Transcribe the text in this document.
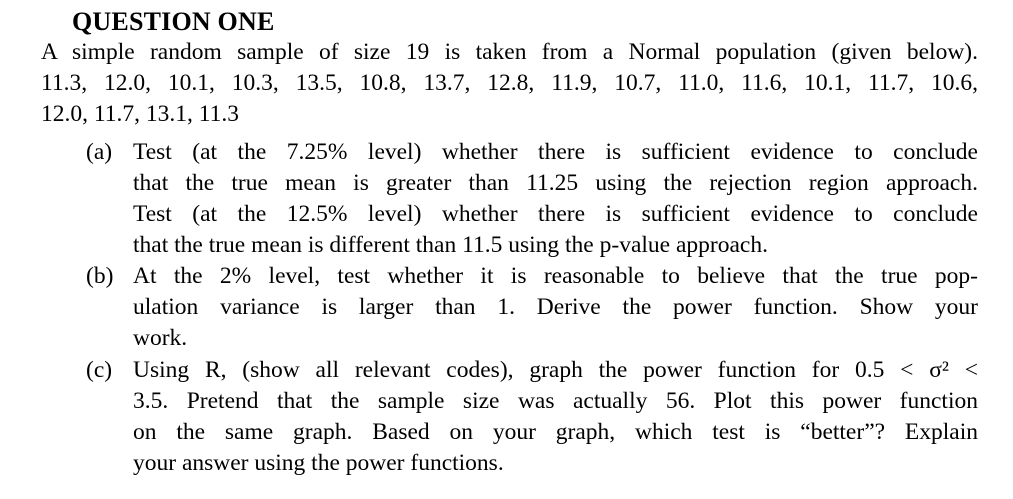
QUESTION ONE
A simple random sample of size 19 is taken from a Normal population (given below).
11.3, 12.0, 10.1, 10.3, 13.5, 10.8, 13.7, 12.8, 11.9, 10.7, 11.0, 11.6, 10.1, 11.7, 10.6,
12.0, 11.7, 13.1, 11.3
(a) Test (at the 7.25% level) whether there is sufficient evidence to conclude
that the true mean is greater than 11.25 using the rejection region approach.
Test (at the 12.5% level) whether there is sufficient evidence to conclude
that the true mean is different than 11.5 using the p-value approach.
(b) At the 2% level, test whether it is reasonable to believe that the true pop-
ulation variance is larger than 1. Derive the power function. Show your
work.
(c) Using R, (show all relevant codes), graph the power function for 0.5 < σ² <
3.5. Pretend that the sample size was actually 56. Plot this power function
on the same graph. Based on your graph, which test is “better”? Explain
your answer using the power functions.
